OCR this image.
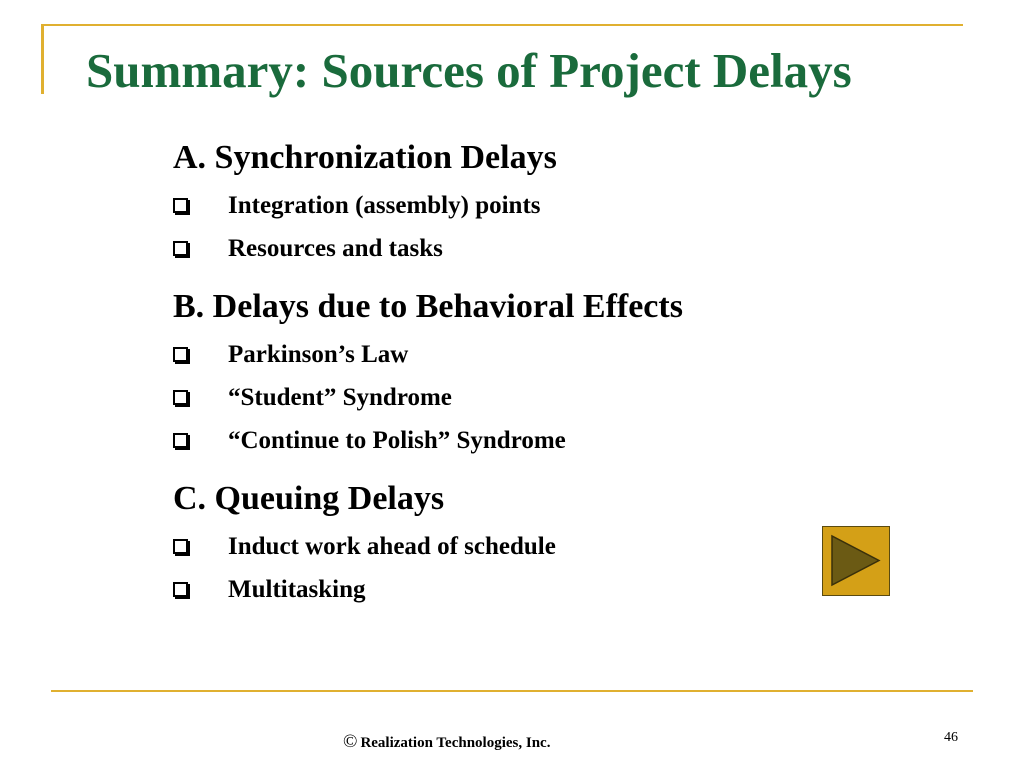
Summary: Sources of Project Delays
A. Synchronization Delays
Integration (assembly) points
Resources and tasks
B. Delays due to Behavioral Effects
Parkinson’s Law
“Student” Syndrome
“Continue to Polish” Syndrome
C. Queuing Delays
Induct work ahead of schedule
Multitasking
© Realization Technologies, Inc.	46
